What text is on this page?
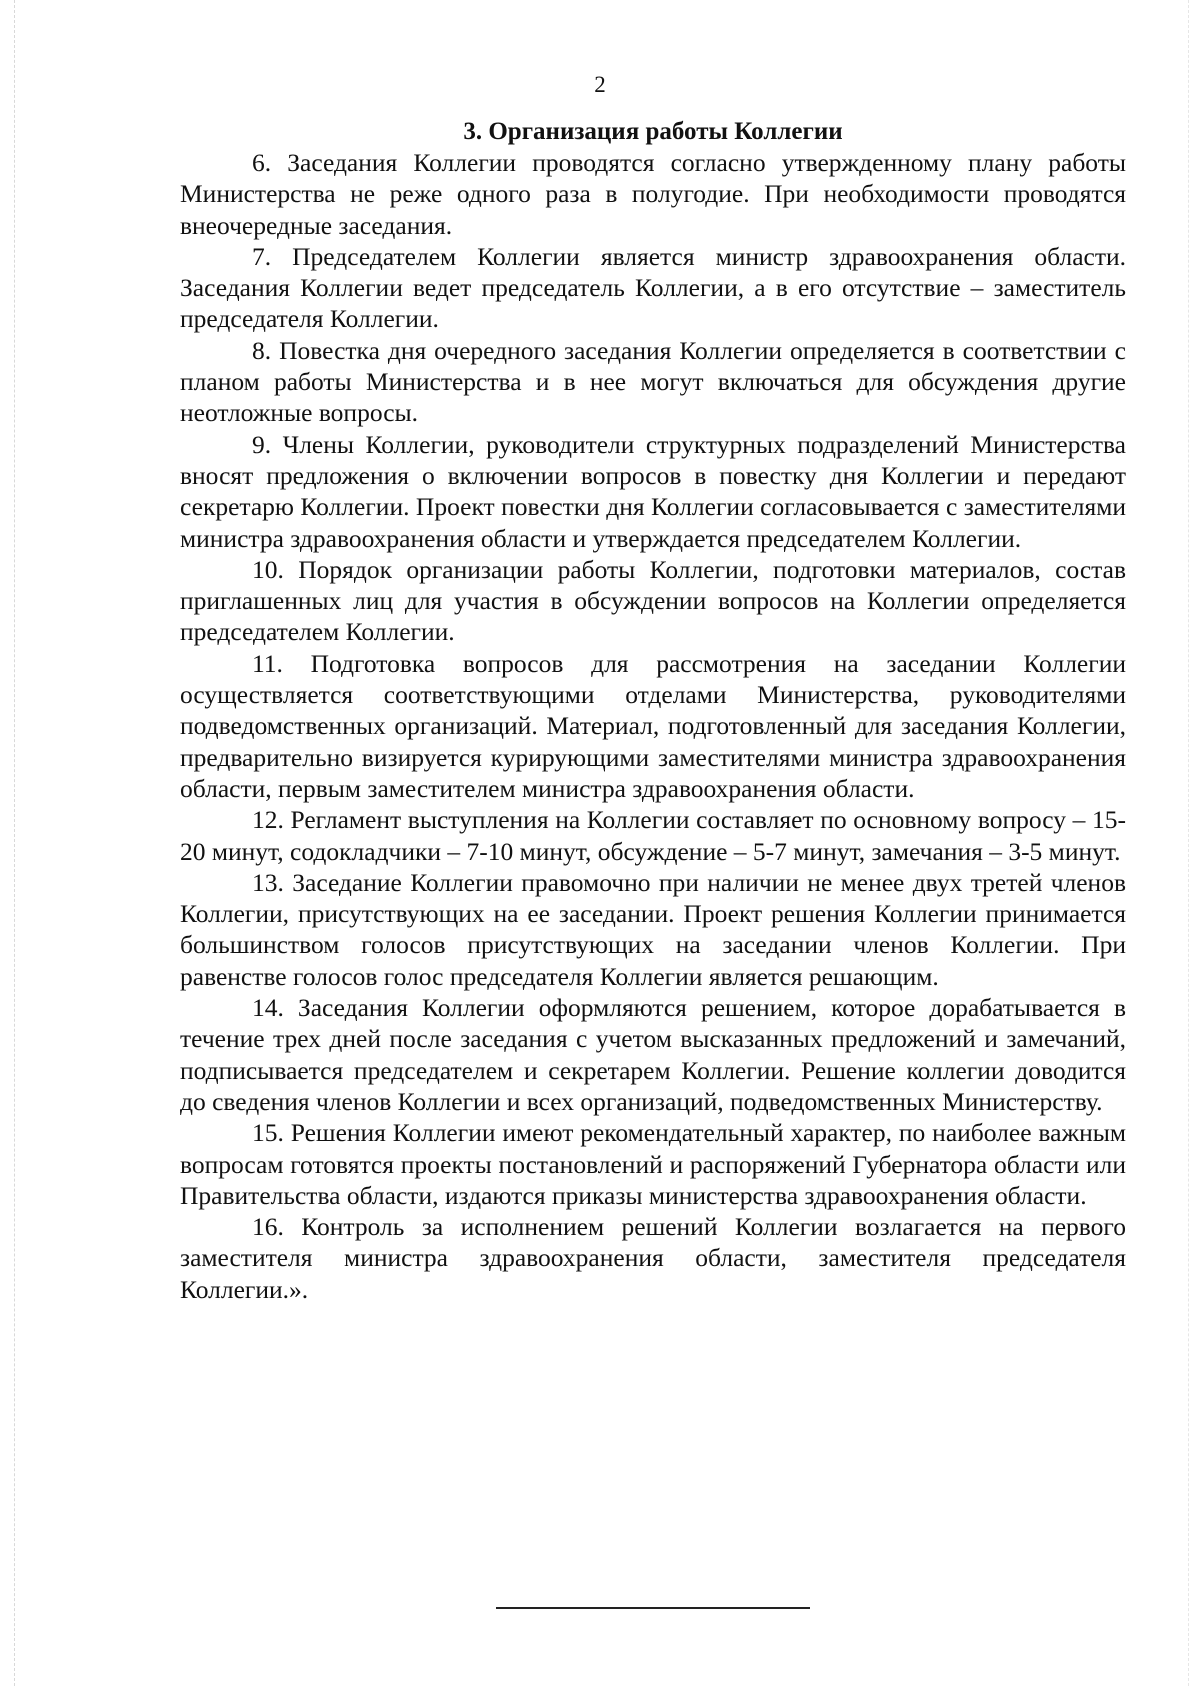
2
3. Организация работы Коллегии

6. Заседания Коллегии проводятся согласно утвержденному плану работы Министерства не реже одного раза в полугодие. При необходимости проводятся внеочередные заседания.

7. Председателем Коллегии является министр здравоохранения области. Заседания Коллегии ведет председатель Коллегии, а в его отсутствие – заместитель председателя Коллегии.

8. Повестка дня очередного заседания Коллегии определяется в соответствии с планом работы Министерства и в нее могут включаться для обсуждения другие неотложные вопросы.

9. Члены Коллегии, руководители структурных подразделений Министерства вносят предложения о включении вопросов в повестку дня Коллегии и передают секретарю Коллегии. Проект повестки дня Коллегии согласовывается с заместителями министра здравоохранения области и утверждается председателем Коллегии.

10. Порядок организации работы Коллегии, подготовки материалов, состав приглашенных лиц для участия в обсуждении вопросов на Коллегии определяется председателем Коллегии.

11. Подготовка вопросов для рассмотрения на заседании Коллегии осуществляется соответствующими отделами Министерства, руководителями подведомственных организаций. Материал, подготовленный для заседания Коллегии, предварительно визируется курирующими заместителями министра здравоохранения области, первым заместителем министра здравоохранения области.

12. Регламент выступления на Коллегии составляет по основному вопросу – 15-20 минут, содокладчики – 7-10 минут, обсуждение – 5-7 минут, замечания – 3-5 минут.

13. Заседание Коллегии правомочно при наличии не менее двух третей членов Коллегии, присутствующих на ее заседании. Проект решения Коллегии принимается большинством голосов присутствующих на заседании членов Коллегии. При равенстве голосов голос председателя Коллегии является решающим.

14. Заседания Коллегии оформляются решением, которое дорабатывается в течение трех дней после заседания с учетом высказанных предложений и замечаний, подписывается председателем и секретарем Коллегии. Решение коллегии доводится до сведения членов Коллегии и всех организаций, подведомственных Министерству.

15. Решения Коллегии имеют рекомендательный характер, по наиболее важным вопросам готовятся проекты постановлений и распоряжений Губернатора области или Правительства области, издаются приказы министерства здравоохранения области.

16. Контроль за исполнением решений Коллегии возлагается на первого заместителя министра здравоохранения области, заместителя председателя Коллегии.».
